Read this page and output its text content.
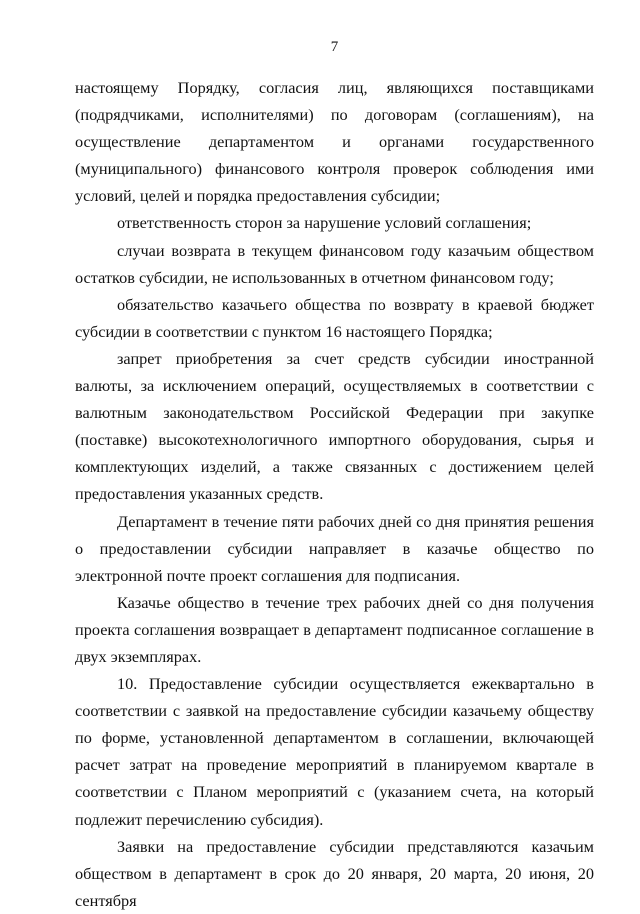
7

настоящему Порядку, согласия лиц, являющихся поставщиками (подрядчиками, исполнителями) по договорам (соглашениям), на осуществление департаментом и органами государственного (муниципального) финансового контроля проверок соблюдения ими условий, целей и порядка предоставления субсидии;

ответственность сторон за нарушение условий соглашения;

случаи возврата в текущем финансовом году казачьим обществом остатков субсидии, не использованных в отчетном финансовом году;

обязательство казачьего общества по возврату в краевой бюджет субсидии в соответствии с пунктом 16 настоящего Порядка;

запрет приобретения за счет средств субсидии иностранной валюты, за исключением операций, осуществляемых в соответствии с валютным законодательством Российской Федерации при закупке (поставке) высокотехнологичного импортного оборудования, сырья и комплектующих изделий, а также связанных с достижением целей предоставления указанных средств.

Департамент в течение пяти рабочих дней со дня принятия решения о предоставлении субсидии направляет в казачье общество по электронной почте проект соглашения для подписания.

Казачье общество в течение трех рабочих дней со дня получения проекта соглашения возвращает в департамент подписанное соглашение в двух экземплярах.

10. Предоставление субсидии осуществляется ежеквартально в соответствии с заявкой на предоставление субсидии казачьему обществу по форме, установленной департаментом в соглашении, включающей расчет затрат на проведение мероприятий в планируемом квартале в соответствии с Планом мероприятий с (указанием счета, на который подлежит перечислению субсидия).

Заявки на предоставление субсидии представляются казачьим обществом в департамент в срок до 20 января, 20 марта, 20 июня, 20 сентября
